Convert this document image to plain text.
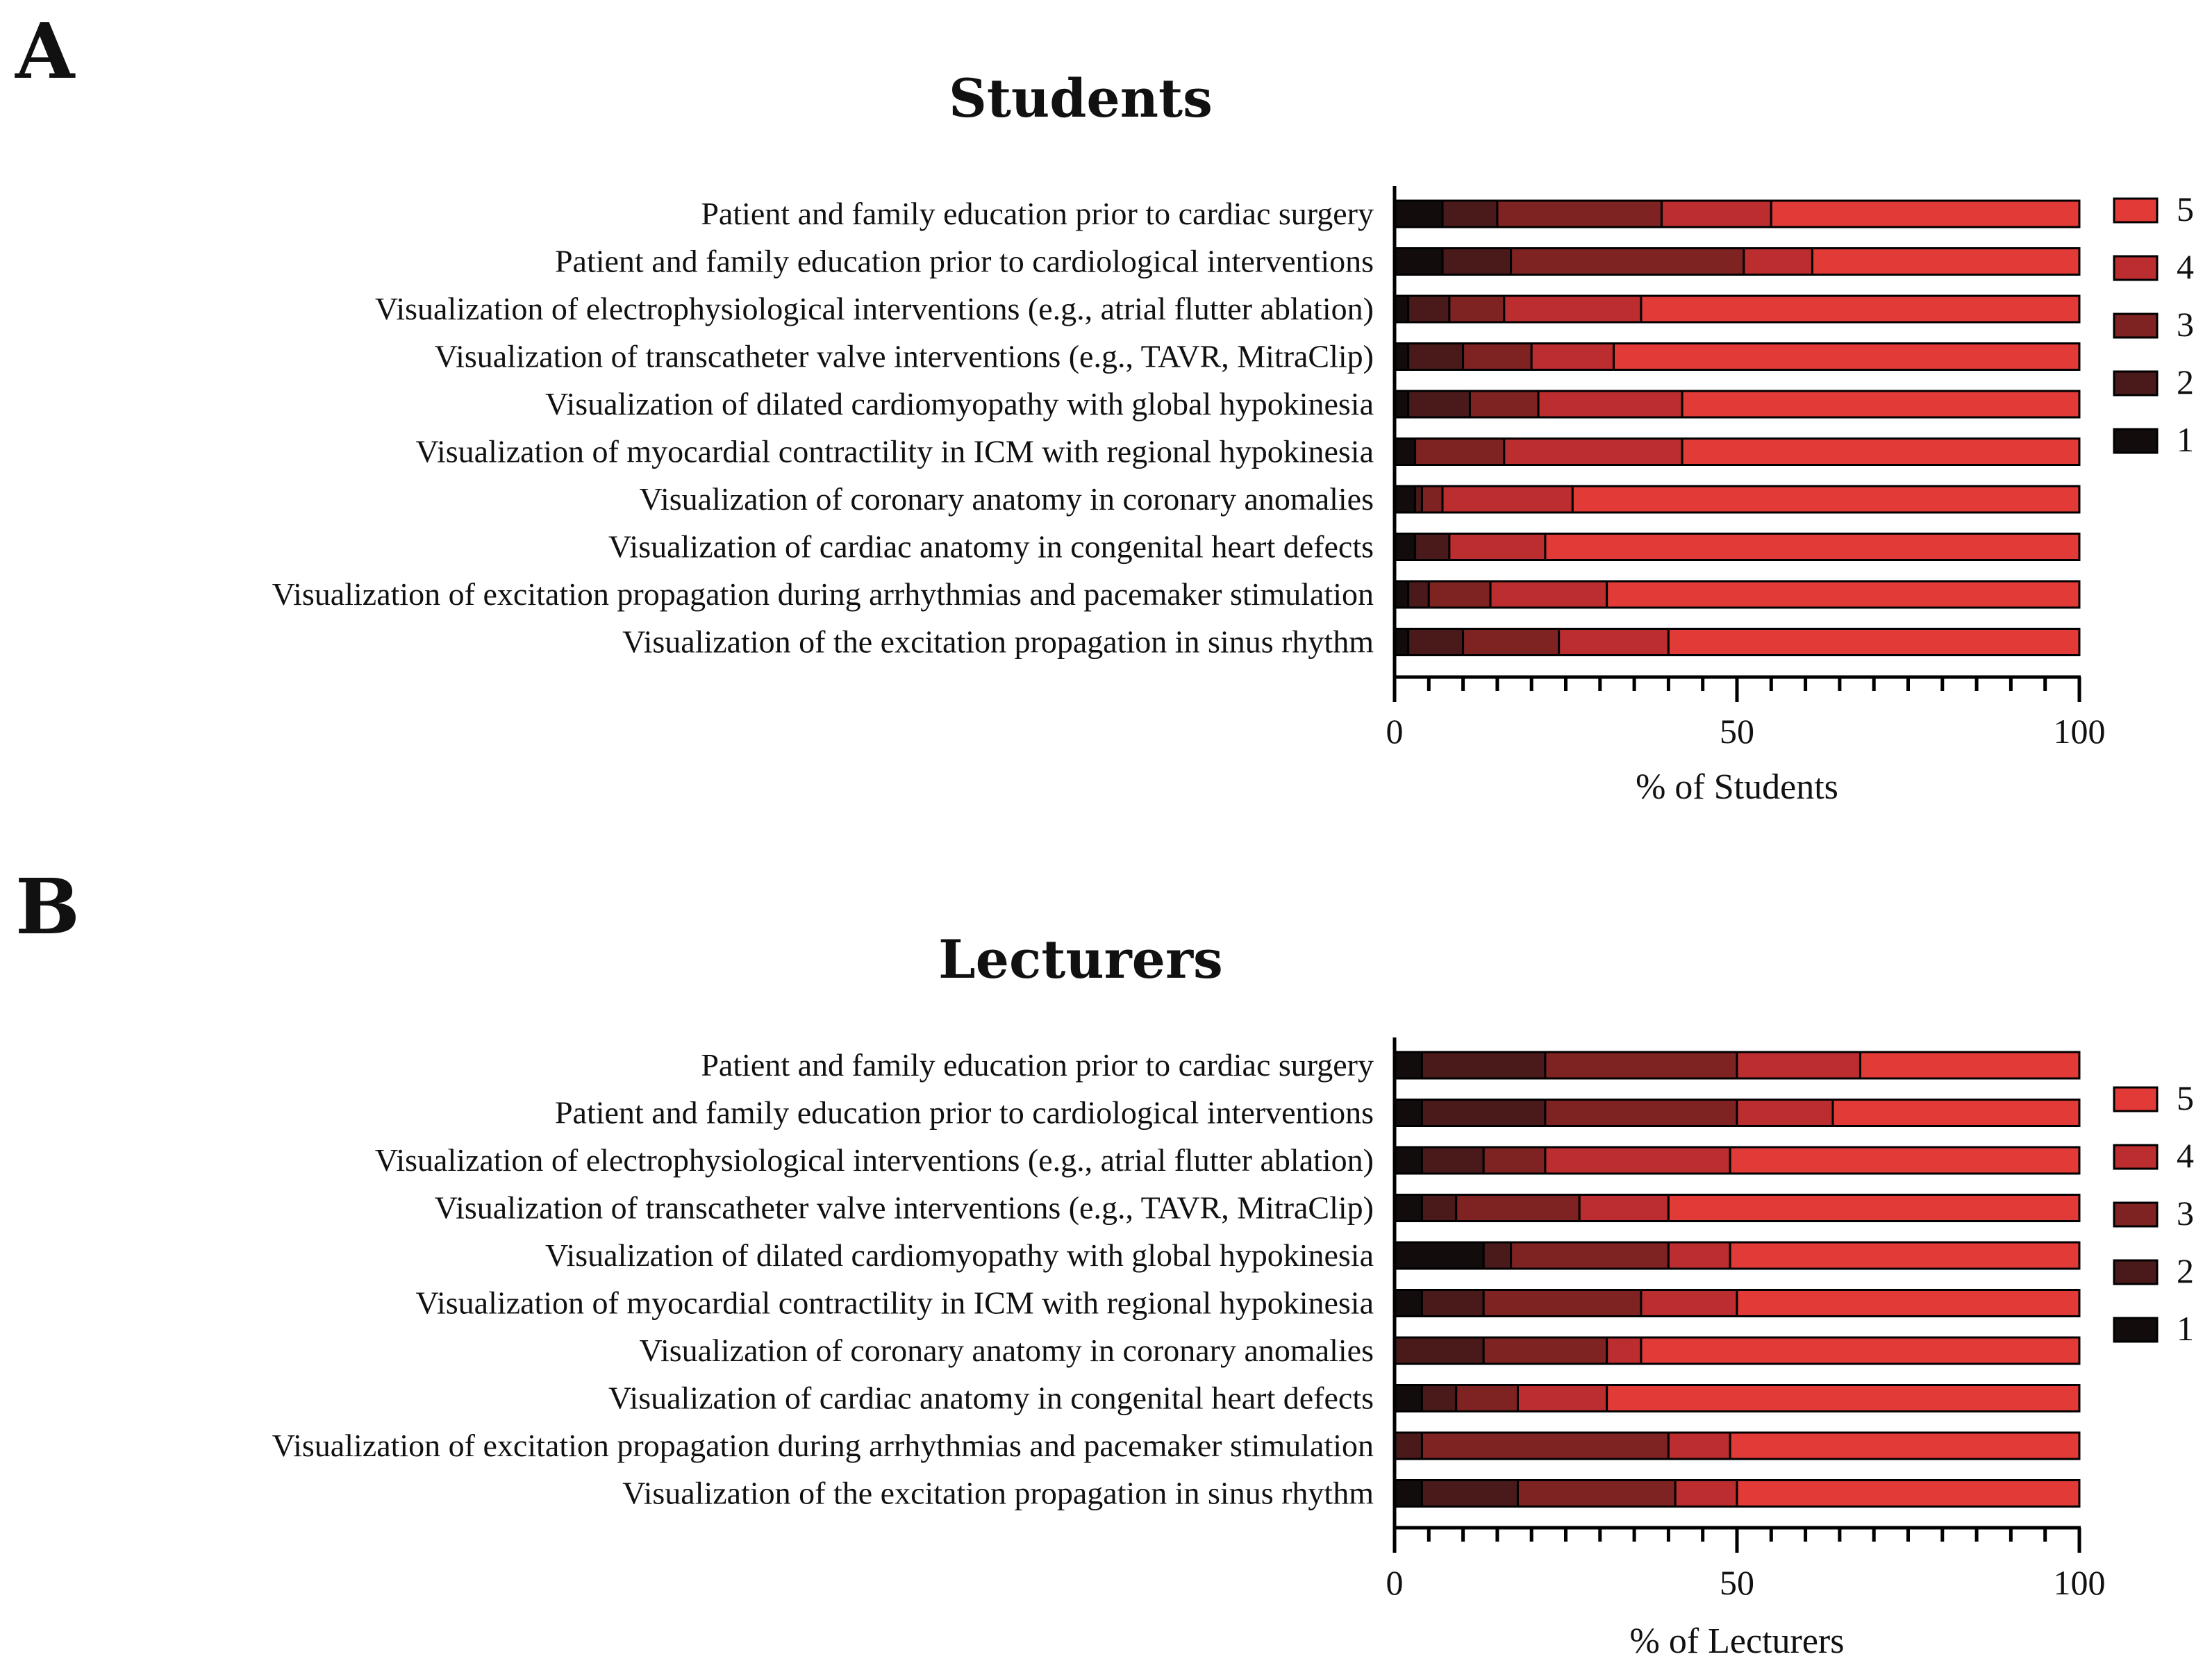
A
Students
Patient and family education prior to cardiac surgery
Patient and family education prior to cardiological interventions
Visualization of electrophysiological interventions (e.g., atrial flutter ablation)
Visualization of transcatheter valve interventions (e.g., TAVR, MitraClip)
Visualization of dilated cardiomyopathy with global hypokinesia
Visualization of myocardial contractility in ICM with regional hypokinesia
Visualization of coronary anatomy in coronary anomalies
Visualization of cardiac anatomy in congenital heart defects
Visualization of excitation propagation during arrhythmias and pacemaker stimulation
Visualization of the excitation propagation in sinus rhythm
0	50	100
% of Students
5
4
3
2
1
B
Lecturers
Patient and family education prior to cardiac surgery
Patient and family education prior to cardiological interventions
Visualization of electrophysiological interventions (e.g., atrial flutter ablation)
Visualization of transcatheter valve interventions (e.g., TAVR, MitraClip)
Visualization of dilated cardiomyopathy with global hypokinesia
Visualization of myocardial contractility in ICM with regional hypokinesia
Visualization of coronary anatomy in coronary anomalies
Visualization of cardiac anatomy in congenital heart defects
Visualization of excitation propagation during arrhythmias and pacemaker stimulation
Visualization of the excitation propagation in sinus rhythm
0	50	100
% of Lecturers
5
4
3
2
1
